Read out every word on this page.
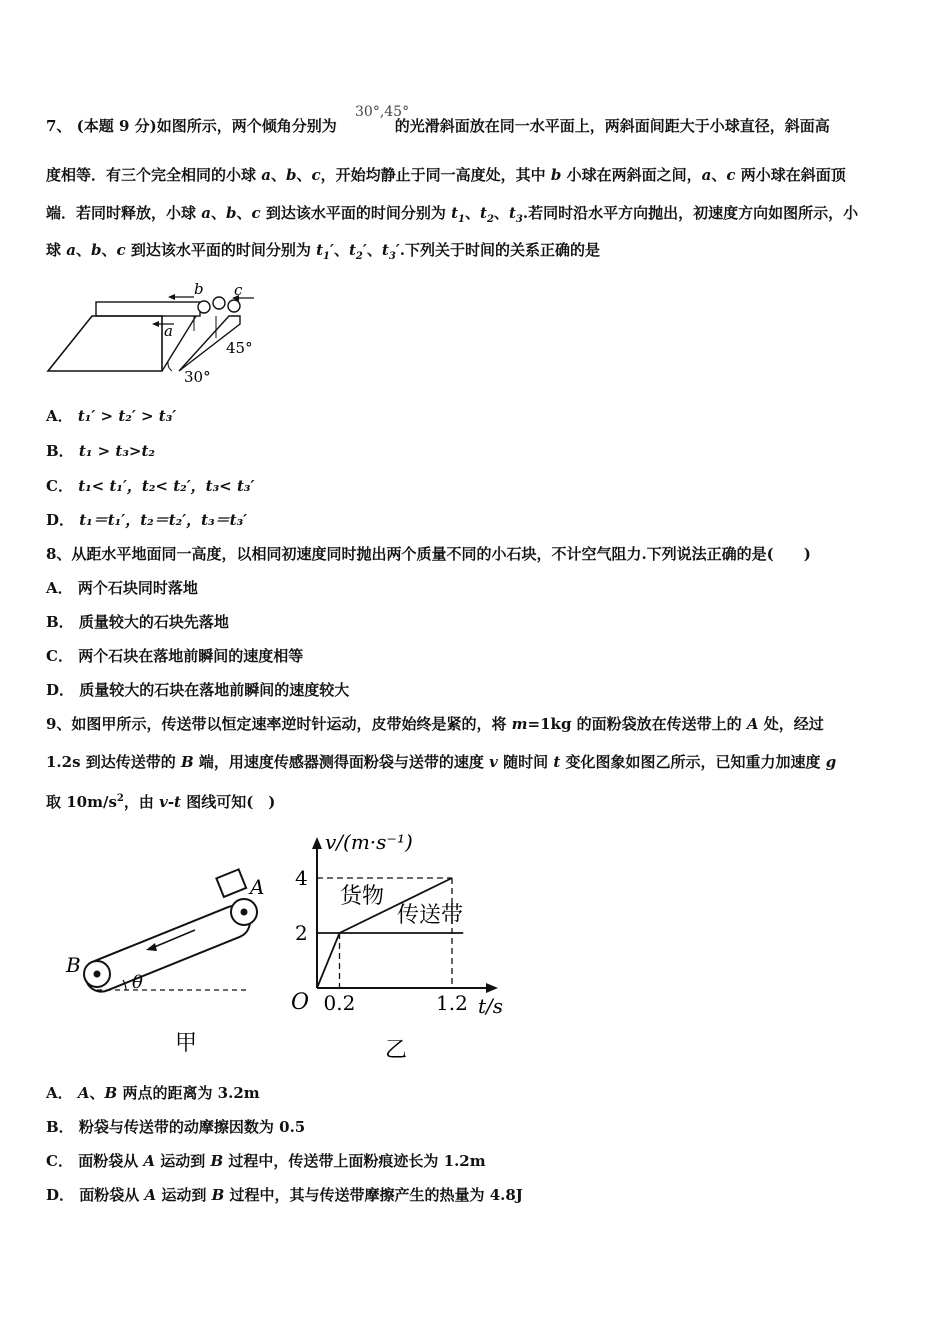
7、 (本题 9 分)如图所示，两个倾角分别为	的光滑斜面放在同一水平面上，两斜面间距大于小球直径，斜面高
30°,45°
度相等．有三个完全相同的小球 a、b、c，开始均静止于同一高度处，其中 b 小球在两斜面之间，a、c 两小球在斜面顶
端．若同时释放，小球 a、b、c 到达该水平面的时间分别为 $t_1$、$t_2$、$t_3$.若同时沿水平方向抛出，初速度方向如图所示，小
球 a、b、c 到达该水平面的时间分别为 $t_1'$、$t_2'$、$t_3'$.下列关于时间的关系正确的是
b c
a
30°
45°
A． t₁′ > t₂′ > t₃′
B． t₁ > t₃>t₂
C． t₁< t₁′，t₂< t₂′，t₃< t₃′
D． t₁＝t₁′，t₂＝t₂′，t₃＝t₃′
8、从距水平地面同一高度，以相同初速度同时抛出两个质量不同的小石块，不计空气阻力.下列说法正确的是(　　)
A． 两个石块同时落地
B． 质量较大的石块先落地
C． 两个石块在落地前瞬间的速度相等
D． 质量较大的石块在落地前瞬间的速度较大
9、如图甲所示，传送带以恒定速率逆时针运动，皮带始终是紧的，将 m=1kg 的面粉袋放在传送带上的 A 处，经过
1.2s 到达传送带的 B 端，用速度传感器测得面粉袋与送带的速度 v 随时间 t 变化图象如图乙所示，已知重力加速度 g
取 $10m/s^2$，由 v-t 图线可知(　)
θ
B
A
甲
v/(m·s⁻¹)
t/s
O
4
2
0.2	1.2
货物
传送带
乙
A． A、B 两点的距离为 3.2m
B． 粉袋与传送带的动摩擦因数为 0.5
C． 面粉袋从 A 运动到 B 过程中，传送带上面粉痕迹长为 1.2m
D． 面粉袋从 A 运动到 B 过程中，其与传送带摩擦产生的热量为 4.8J
